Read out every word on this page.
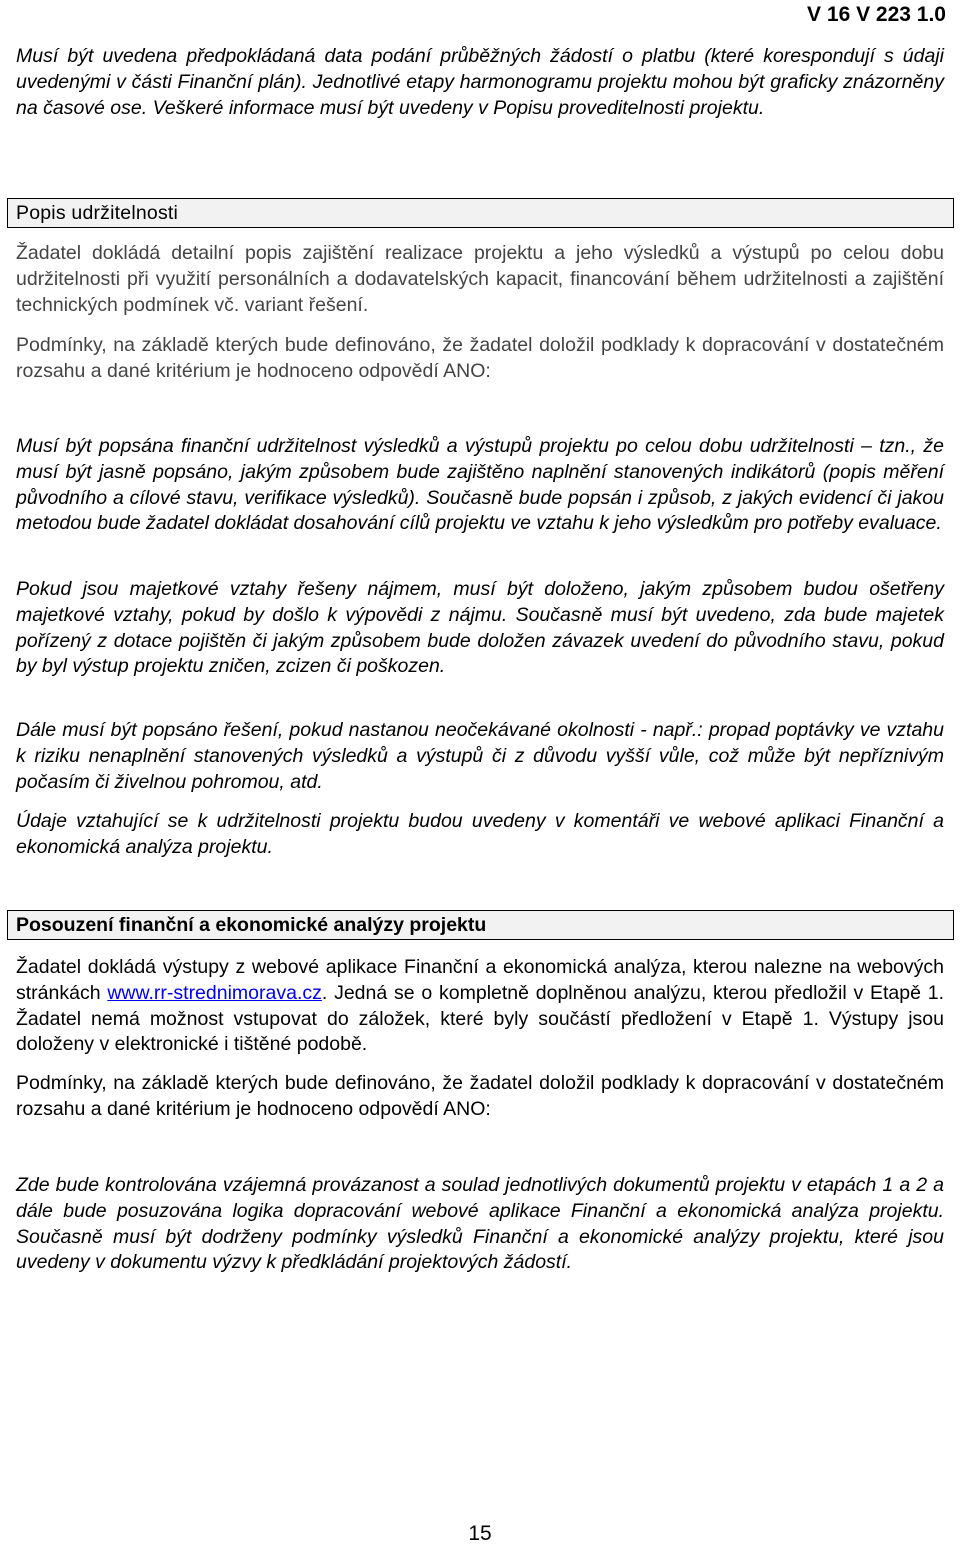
V 16 V 223 1.0

Musí být uvedena předpokládaná data podání průběžných žádostí o platbu (které korespondují s údaji uvedenými v části Finanční plán). Jednotlivé etapy harmonogramu projektu mohou být graficky znázorněny na časové ose. Veškeré informace musí být uvedeny v Popisu proveditelnosti projektu.

Popis udržitelnosti

Žadatel dokládá detailní popis zajištění realizace projektu a jeho výsledků a výstupů po celou dobu udržitelnosti při využití personálních a dodavatelských kapacit, financování během udržitelnosti a zajištění technických podmínek vč. variant řešení.

Podmínky, na základě kterých bude definováno, že žadatel doložil podklady k dopracování v dostatečném rozsahu a dané kritérium je hodnoceno odpovědí ANO:

Musí být popsána finanční udržitelnost výsledků a výstupů projektu po celou dobu udržitelnosti – tzn., že musí být jasně popsáno, jakým způsobem bude zajištěno naplnění stanovených indikátorů (popis měření původního a cílové stavu, verifikace výsledků). Současně bude popsán i způsob, z jakých evidencí či jakou metodou bude žadatel dokládat dosahování cílů projektu ve vztahu k jeho výsledkům pro potřeby evaluace.

Pokud jsou majetkové vztahy řešeny nájmem, musí být doloženo, jakým způsobem budou ošetřeny majetkové vztahy, pokud by došlo k výpovědi z nájmu. Současně musí být uvedeno, zda bude majetek pořízený z dotace pojištěn či jakým způsobem bude doložen závazek uvedení do původního stavu, pokud by byl výstup projektu zničen, zcizen či poškozen.

Dále musí být popsáno řešení, pokud nastanou neočekávané okolnosti - např.: propad poptávky ve vztahu k riziku nenaplnění stanovených výsledků a výstupů či z důvodu vyšší vůle, což může být nepříznivým počasím či živelnou pohromou, atd.

Údaje vztahující se k udržitelnosti projektu budou uvedeny v komentáři ve webové aplikaci Finanční a ekonomická analýza projektu.

Posouzení finanční a ekonomické analýzy projektu

Žadatel dokládá výstupy z webové aplikace Finanční a ekonomická analýza, kterou nalezne na webových stránkách www.rr-strednimorava.cz. Jedná se o kompletně doplněnou analýzu, kterou předložil v Etapě 1. Žadatel nemá možnost vstupovat do záložek, které byly součástí předložení v Etapě 1. Výstupy jsou doloženy v elektronické i tištěné podobě.

Podmínky, na základě kterých bude definováno, že žadatel doložil podklady k dopracování v dostatečném rozsahu a dané kritérium je hodnoceno odpovědí ANO:

Zde bude kontrolována vzájemná provázanost a soulad jednotlivých dokumentů projektu v etapách 1 a 2 a dále bude posuzována logika dopracování webové aplikace Finanční a ekonomická analýza projektu. Současně musí být dodrženy podmínky výsledků Finanční a ekonomické analýzy projektu, které jsou uvedeny v dokumentu výzvy k předkládání projektových žádostí.

15
